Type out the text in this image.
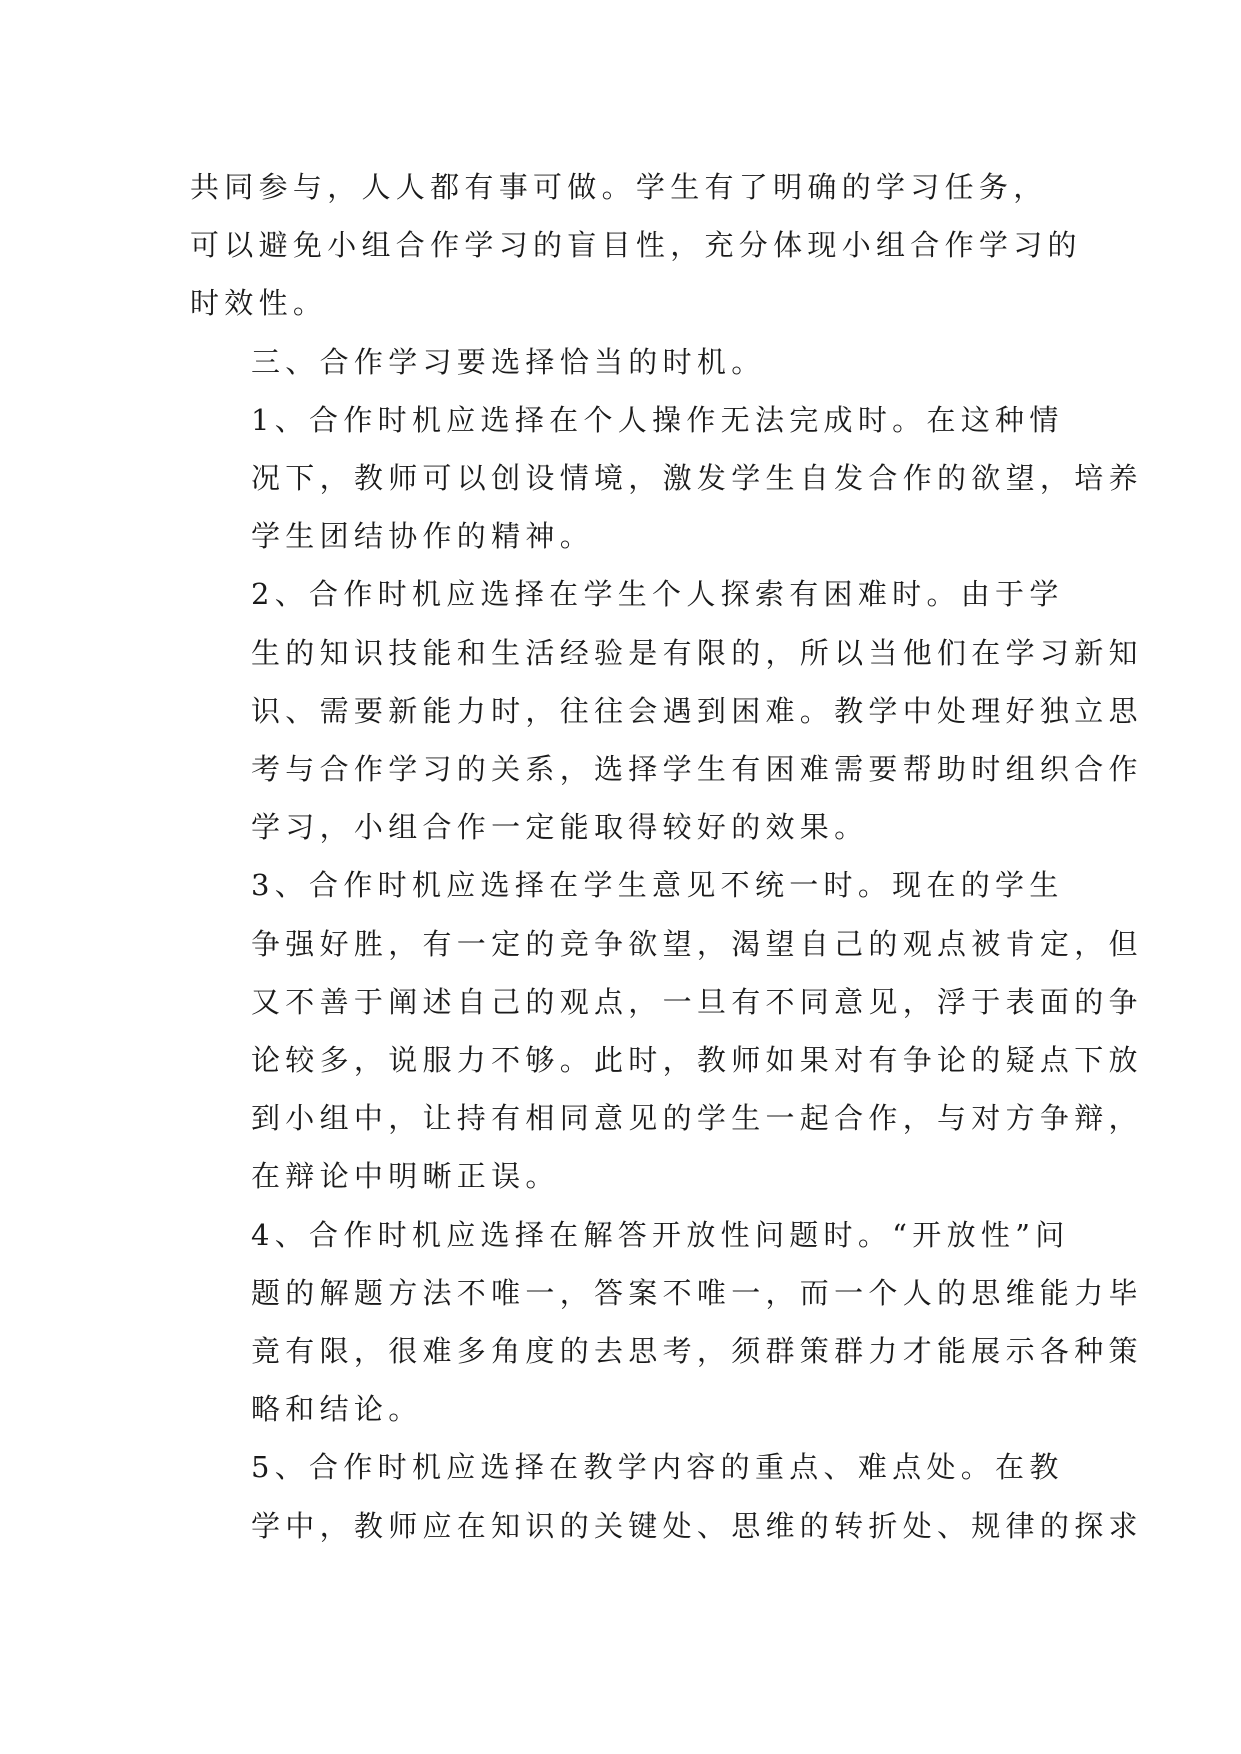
共同参与，人人都有事可做。学生有了明确的学习任务，
可以避免小组合作学习的盲目性，充分体现小组合作学习的
时效性。

三、合作学习要选择恰当的时机。

1、合作时机应选择在个人操作无法完成时。在这种情
况下，教师可以创设情境，激发学生自发合作的欲望，培养
学生团结协作的精神。

2、合作时机应选择在学生个人探索有困难时。由于学
生的知识技能和生活经验是有限的，所以当他们在学习新知
识、需要新能力时，往往会遇到困难。教学中处理好独立思
考与合作学习的关系，选择学生有困难需要帮助时组织合作
学习，小组合作一定能取得较好的效果。

3、合作时机应选择在学生意见不统一时。现在的学生
争强好胜，有一定的竞争欲望，渴望自己的观点被肯定，但
又不善于阐述自己的观点，一旦有不同意见，浮于表面的争
论较多，说服力不够。此时，教师如果对有争论的疑点下放
到小组中，让持有相同意见的学生一起合作，与对方争辩，
在辩论中明晰正误。

4、合作时机应选择在解答开放性问题时。“开放性”问
题的解题方法不唯一，答案不唯一，而一个人的思维能力毕
竟有限，很难多角度的去思考，须群策群力才能展示各种策
略和结论。

5、合作时机应选择在教学内容的重点、难点处。在教
学中，教师应在知识的关键处、思维的转折处、规律的探求
